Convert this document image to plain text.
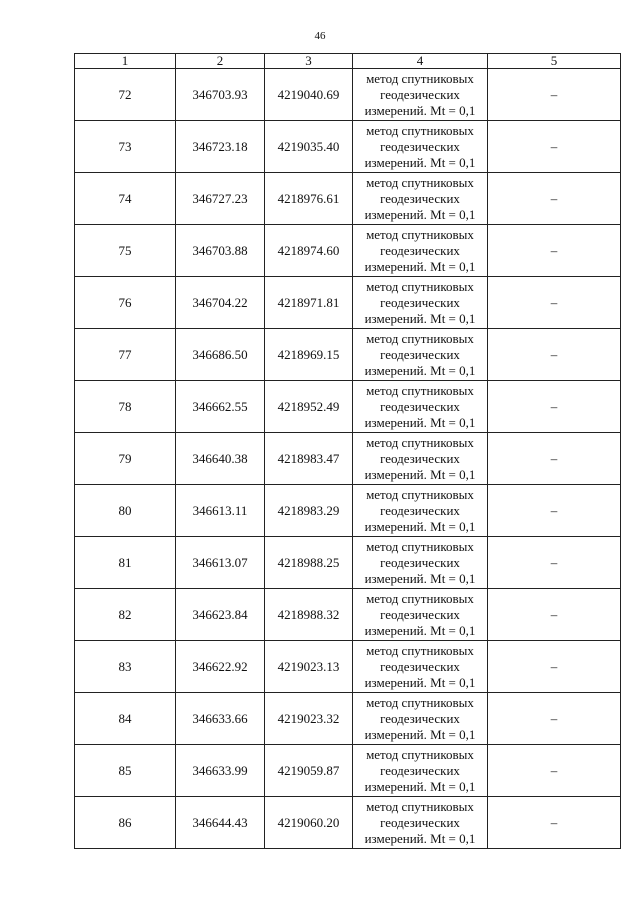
46
1	2	3	4	5
72	346703.93	4219040.69	метод спутниковых
геодезических
измерений. Mt = 0,1	–
73	346723.18	4219035.40	метод спутниковых
геодезических
измерений. Mt = 0,1	–
74	346727.23	4218976.61	метод спутниковых
геодезических
измерений. Mt = 0,1	–
75	346703.88	4218974.60	метод спутниковых
геодезических
измерений. Mt = 0,1	–
76	346704.22	4218971.81	метод спутниковых
геодезических
измерений. Mt = 0,1	–
77	346686.50	4218969.15	метод спутниковых
геодезических
измерений. Mt = 0,1	–
78	346662.55	4218952.49	метод спутниковых
геодезических
измерений. Mt = 0,1	–
79	346640.38	4218983.47	метод спутниковых
геодезических
измерений. Mt = 0,1	–
80	346613.11	4218983.29	метод спутниковых
геодезических
измерений. Mt = 0,1	–
81	346613.07	4218988.25	метод спутниковых
геодезических
измерений. Mt = 0,1	–
82	346623.84	4218988.32	метод спутниковых
геодезических
измерений. Mt = 0,1	–
83	346622.92	4219023.13	метод спутниковых
геодезических
измерений. Mt = 0,1	–
84	346633.66	4219023.32	метод спутниковых
геодезических
измерений. Mt = 0,1	–
85	346633.99	4219059.87	метод спутниковых
геодезических
измерений. Mt = 0,1	–
86	346644.43	4219060.20	метод спутниковых
геодезических
измерений. Mt = 0,1	–
